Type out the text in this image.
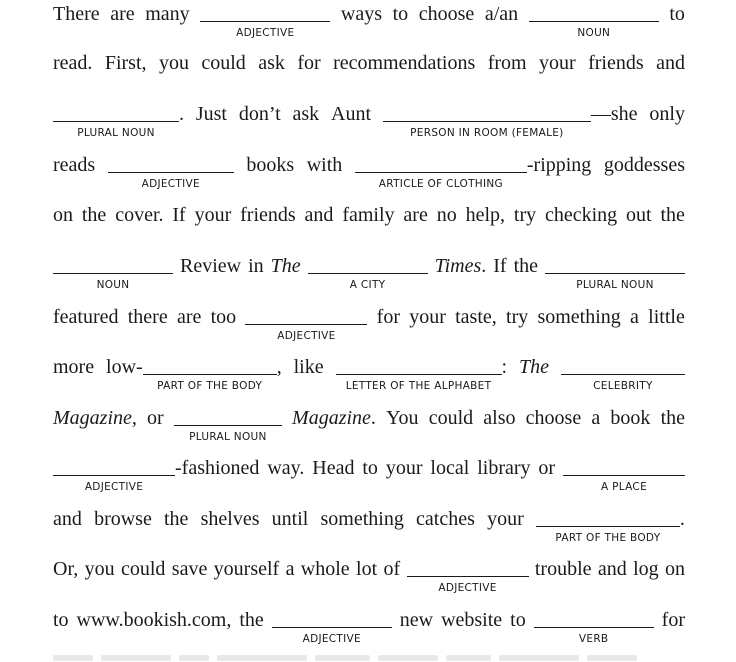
There are many
ADJECTIVE
ways to choose a/an
NOUN
to
read. First, you could ask for recommendations from your friends and
PLURAL NOUN
. Just don’t ask Aunt
PERSON IN ROOM (FEMALE)
—she only
reads
ADJECTIVE
books with
ARTICLE OF CLOTHING
-ripping goddesses
on the cover. If your friends and family are no help, try checking out the
NOUN
Review in The
A CITY
Times . If the
PLURAL NOUN
featured there are too
ADJECTIVE
for your taste, try something a little
more low-
PART OF THE BODY
, like
LETTER OF THE ALPHABET
: The
CELEBRITY
Magazine , or
PLURAL NOUN
Magazine . You could also choose a book the
ADJECTIVE
-fashioned way. Head to your local library or
A PLACE
and browse the shelves until something catches your
PART OF THE BODY
.
Or, you could save yourself a whole lot of
ADJECTIVE
trouble and log on
to www.bookish.com, the
ADJECTIVE
new website to
VERB
for
